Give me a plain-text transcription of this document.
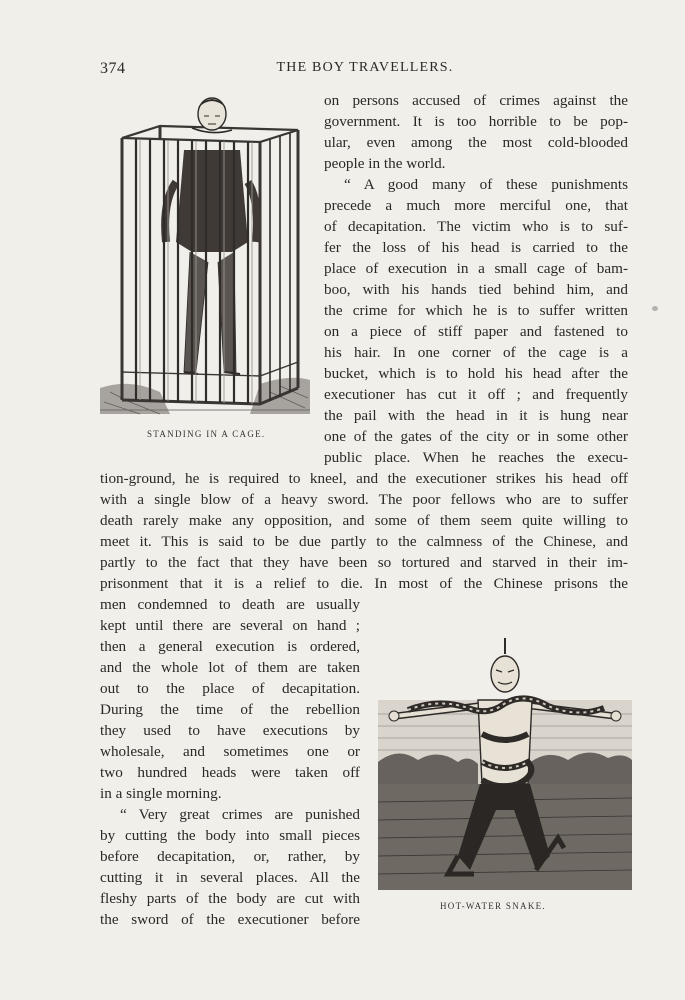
374	THE BOY TRAVELLERS.
STANDING IN A CAGE.
on persons accused of crimes against the
government. It is too horrible to be pop-
ular, even among the most cold-blooded
people in the world.
“ A good many of these punishments
precede a much more merciful one, that
of decapitation. The victim who is to suf-
fer the loss of his head is carried to the
place of execution in a small cage of bam-
boo, with his hands tied behind him, and
the crime for which he is to suffer written
on a piece of stiff paper and fastened to
his hair. In one corner of the cage is a
bucket, which is to hold his head after the
executioner has cut it off ; and frequently
the pail with the head in it is hung near
one of the gates of the city or in some other
public place. When he reaches the execu-
tion-ground, he is required to kneel, and the executioner strikes his head off
with a single blow of a heavy sword. The poor fellows who are to suffer
death rarely make any opposition, and some of them seem quite willing to
meet it. This is said to be due partly to the calmness of the Chinese, and
partly to the fact that they have been so tortured and starved in their im-
prisonment that it is a relief to die. In most of the Chinese prisons the
men condemned to death are usually
kept until there are several on hand ;
then a general execution is ordered,
and the whole lot of them are taken
out to the place of decapitation.
During the time of the rebellion
they used to have executions by
wholesale, and sometimes one or
two hundred heads were taken off
in a single morning.
“ Very great crimes are punished
by cutting the body into small pieces
before decapitation, or, rather, by
cutting it in several places. All the
fleshy parts of the body are cut with
the sword of the executioner before
HOT-WATER SNAKE.
